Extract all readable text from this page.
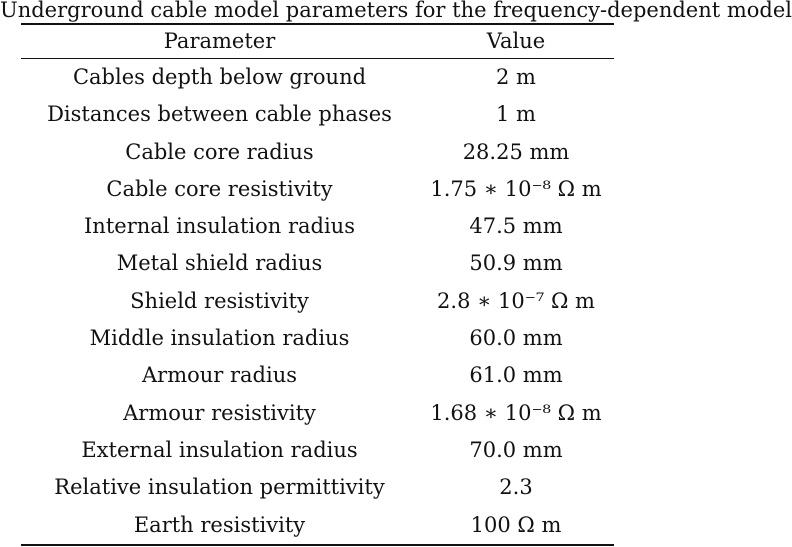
Underground cable model parameters for the frequency-dependent model
Parameter	Value
Cables depth below ground	2 m
Distances between cable phases	1 m
Cable core radius	28.25 mm
Cable core resistivity	1.75 ∗ 10⁻⁸ Ω m
Internal insulation radius	47.5 mm
Metal shield radius	50.9 mm
Shield resistivity	2.8 ∗ 10⁻⁷ Ω m
Middle insulation radius	60.0 mm
Armour radius	61.0 mm
Armour resistivity	1.68 ∗ 10⁻⁸ Ω m
External insulation radius	70.0 mm
Relative insulation permittivity	2.3
Earth resistivity	100 Ω m
